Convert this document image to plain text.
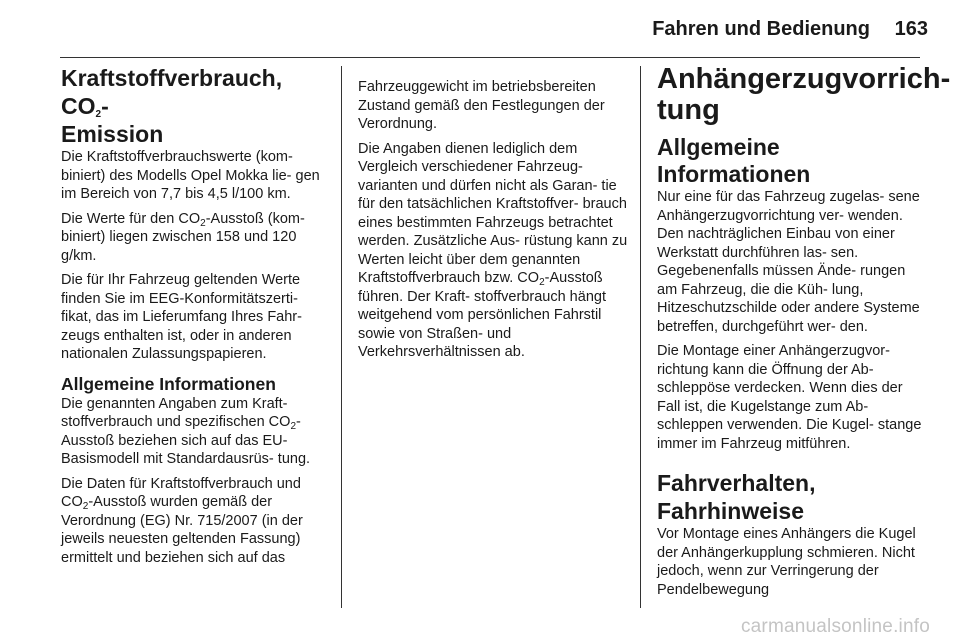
Fahren und Bedienung	163
Kraftstoffverbrauch, $CO_2-$
Emission

Die Kraftstoffverbrauchswerte (kom- biniert) des Modells Opel Mokka lie- gen im Bereich von 7,7 bis 4,5 l/100 km.

Die Werte für den $CO_2$-Ausstoß (kom- biniert) liegen zwischen 158 und 120 g/km.

Die für Ihr Fahrzeug geltenden Werte finden Sie im EEG-Konformitätszerti- fikat, das im Lieferumfang Ihres Fahr- zeugs enthalten ist, oder in anderen nationalen Zulassungspapieren.

Allgemeine Informationen

Die genannten Angaben zum Kraft- stoffverbrauch und spezifischen $CO_2-$ Ausstoß beziehen sich auf das EU- Basismodell mit Standardausrüs- tung.

Die Daten für Kraftstoffverbrauch und $CO_2$-Ausstoß wurden gemäß der Verordnung (EG) Nr. 715/2007 (in der jeweils neuesten geltenden Fassung) ermittelt und beziehen sich auf das

Fahrzeuggewicht im betriebsbereiten Zustand gemäß den Festlegungen der Verordnung.

Die Angaben dienen lediglich dem Vergleich verschiedener Fahrzeug- varianten und dürfen nicht als Garan- tie für den tatsächlichen Kraftstoffver- brauch eines bestimmten Fahrzeugs betrachtet werden. Zusätzliche Aus- rüstung kann zu Werten leicht über dem genannten Kraftstoffverbrauch bzw. $CO_2$-Ausstoß führen. Der Kraft- stoffverbrauch hängt weitgehend vom persönlichen Fahrstil sowie von Straßen- und Verkehrsverhältnissen ab.

Anhängerzugvorrich- tung
Allgemeine Informationen

Nur eine für das Fahrzeug zugelas- sene Anhängerzugvorrichtung ver- wenden. Den nachträglichen Einbau von einer Werkstatt durchführen las- sen. Gegebenenfalls müssen Ände- rungen am Fahrzeug, die die Küh- lung, Hitzeschutzschilde oder andere Systeme betreffen, durchgeführt wer- den.

Die Montage einer Anhängerzugvor- richtung kann die Öffnung der Ab- schleppöse verdecken. Wenn dies der Fall ist, die Kugelstange zum Ab- schleppen verwenden. Die Kugel- stange immer im Fahrzeug mitführen.

Fahrverhalten,
Fahrhinweise

Vor Montage eines Anhängers die Kugel der Anhängerkupplung schmieren. Nicht jedoch, wenn zur Verringerung der Pendelbewegung

carmanualsonline.info
